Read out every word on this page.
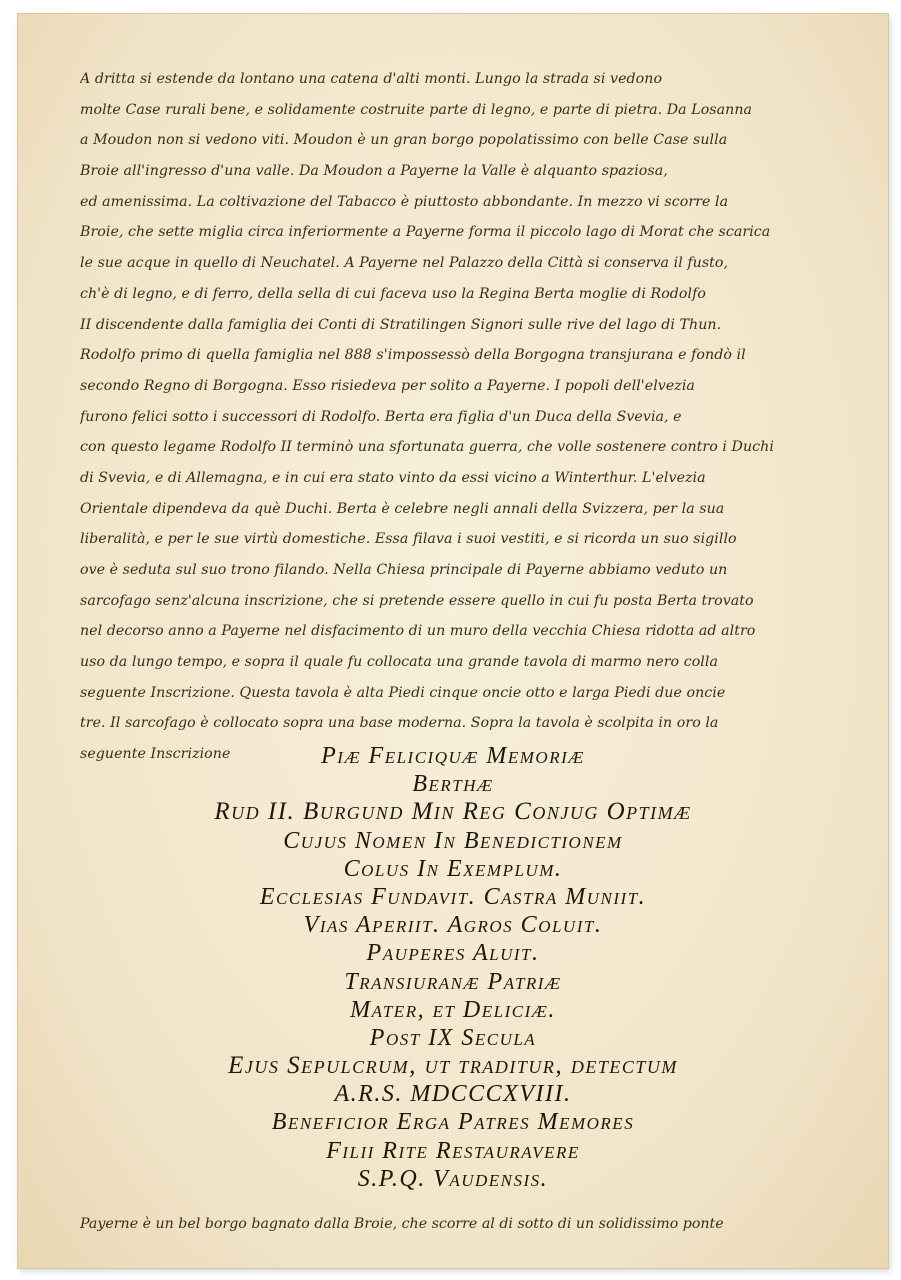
A dritta si estende da lontano una catena d'alti monti. Lungo la strada si vedono
molte Case rurali bene, e solidamente costruite parte di legno, e parte di pietra. Da Losanna
a Moudon non si vedono viti. Moudon è un gran borgo popolatissimo con belle Case sulla
Broie all'ingresso d'una valle. Da Moudon a Payerne la Valle è alquanto spaziosa,
ed amenissima. La coltivazione del Tabacco è piuttosto abbondante. In mezzo vi scorre la
Broie, che sette miglia circa inferiormente a Payerne forma il piccolo lago di Morat che scarica
le sue acque in quello di Neuchatel. A Payerne nel Palazzo della Città si conserva il fusto,
ch'è di legno, e di ferro, della sella di cui faceva uso la Regina Berta moglie di Rodolfo
II discendente dalla famiglia dei Conti di Stratilingen Signori sulle rive del lago di Thun.
Rodolfo primo di quella famiglia nel 888 s'impossessò della Borgogna transjurana e fondò il
secondo Regno di Borgogna. Esso risiedeva per solito a Payerne. I popoli dell'elvezia
furono felici sotto i successori di Rodolfo. Berta era figlia d'un Duca della Svevia, e
con questo legame Rodolfo II terminò una sfortunata guerra, che volle sostenere contro i Duchi
di Svevia, e di Allemagna, e in cui era stato vinto da essi vicino a Winterthur. L'elvezia
Orientale dipendeva da què Duchi. Berta è celebre negli annali della Svizzera, per la sua
liberalità, e per le sue virtù domestiche. Essa filava i suoi vestiti, e si ricorda un suo sigillo
ove è seduta sul suo trono filando. Nella Chiesa principale di Payerne abbiamo veduto un
sarcofago senz'alcuna inscrizione, che si pretende essere quello in cui fu posta Berta trovato
nel decorso anno a Payerne nel disfacimento di un muro della vecchia Chiesa ridotta ad altro
uso da lungo tempo, e sopra il quale fu collocata una grande tavola di marmo nero colla
seguente Inscrizione. Questa tavola è alta Piedi cinque oncie otto e larga Piedi due oncie
tre. Il sarcofago è collocato sopra una base moderna. Sopra la tavola è scolpita in oro la
seguente Inscrizione	Piæ Feliciquæ Memoriæ
Berthæ
Rud II. Burgund Min Reg Conjug Optimæ
Cujus Nomen In Benedictionem
Colus In Exemplum.
Ecclesias Fundavit. Castra Muniit.
Vias Aperiit. Agros Coluit.
Pauperes Aluit.
Transiuranæ Patriæ
Mater, et Deliciæ.
Post IX Secula
Ejus Sepulcrum, ut traditur, detectum
A.R.S. MDCCCXVIII.
Beneficior Erga Patres Memores
Filii Rite Restauravere
S.P.Q. Vaudensis.
Payerne è un bel borgo bagnato dalla Broie, che scorre al di sotto di un solidissimo ponte
